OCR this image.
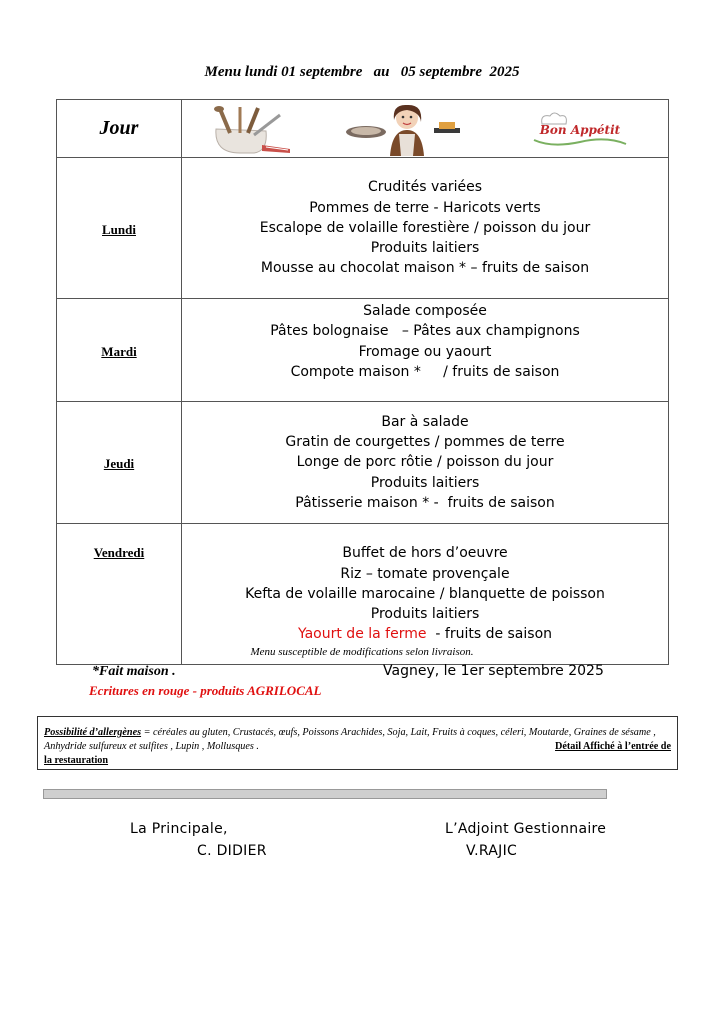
Menu lundi 01 septembre   au   05 septembre  2025
Jour	Bon Appétit

Lundi	Crudités variées
Pommes de terre - Haricots verts
Escalope de volaille forestière / poisson du jour
Produits laitiers
Mousse au chocolat maison * – fruits de saison

Mardi	Salade composée
Pâtes bolognaise   – Pâtes aux champignons
Fromage ou yaourt
Compote maison *     / fruits de saison

Jeudi	Bar à salade
Gratin de courgettes / pommes de terre
Longe de porc rôtie / poisson du jour
Produits laitiers
Pâtisserie maison * -  fruits de saison

Vendredi	Buffet de hors d’oeuvre
Riz – tomate provençale
Kefta de volaille marocaine / blanquette de poisson
Produits laitiers
Yaourt de la ferme  - fruits de saison
Menu susceptible de modifications selon livraison.
*Fait maison .	Vagney, le 1er septembre 2025
Ecritures en rouge - produits AGRILOCAL
Possibilité d’allergènes = céréales au gluten, Crustacés, œufs, Poissons Arachides, Soja, Lait, Fruits à coques, céleri, Moutarde, Graines de sésame , Anhydride sulfureux et sulfites , Lupin , Mollusques .	Détail Affiché à l’entrée de

la restauration
La Principale,
C. DIDIER
L’Adjoint Gestionnaire
V.RAJIC
